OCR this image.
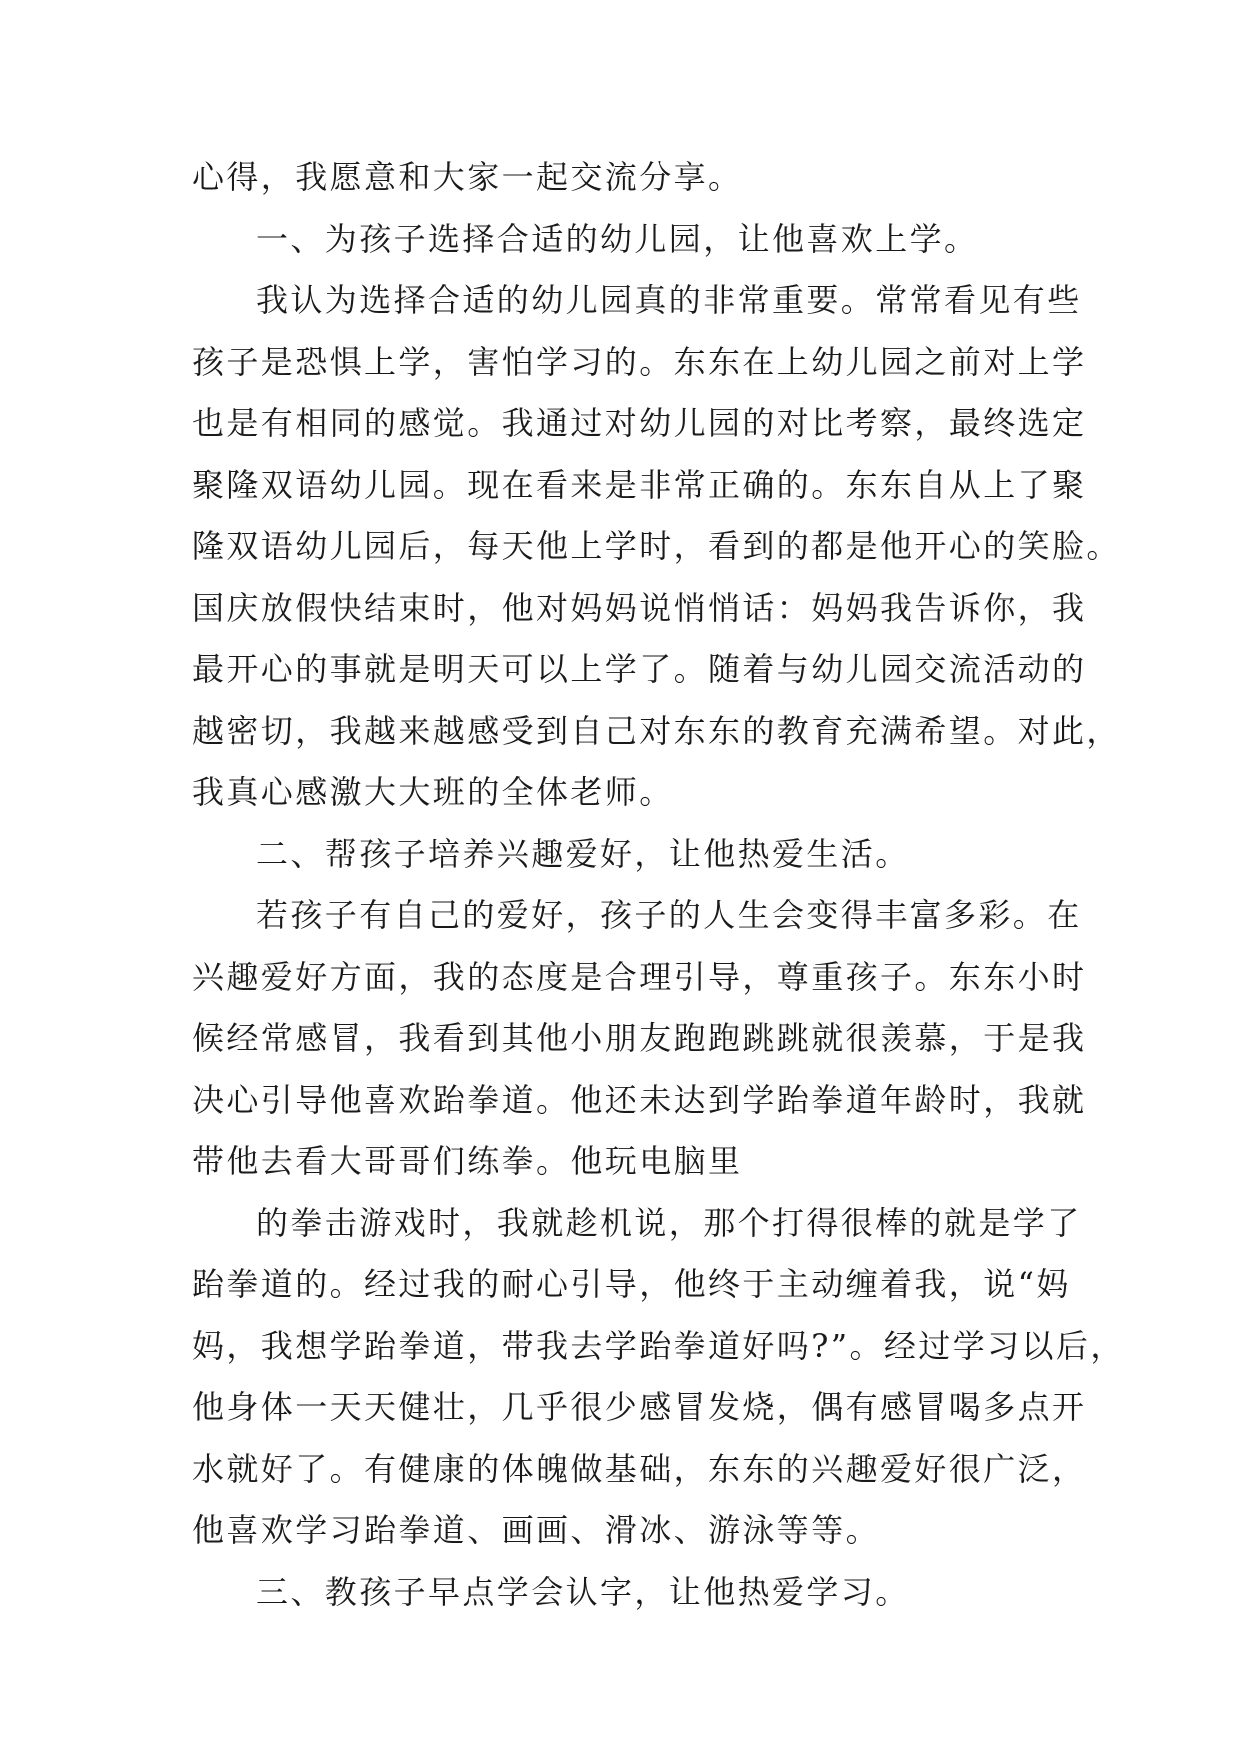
心得，我愿意和大家一起交流分享。
一、为孩子选择合适的幼儿园，让他喜欢上学。
我认为选择合适的幼儿园真的非常重要。常常看见有些
孩子是恐惧上学，害怕学习的。东东在上幼儿园之前对上学
也是有相同的感觉。我通过对幼儿园的对比考察，最终选定
聚隆双语幼儿园。现在看来是非常正确的。东东自从上了聚
隆双语幼儿园后，每天他上学时，看到的都是他开心的笑脸。
国庆放假快结束时，他对妈妈说悄悄话：妈妈我告诉你，我
最开心的事就是明天可以上学了。随着与幼儿园交流活动的
越密切，我越来越感受到自己对东东的教育充满希望。对此，
我真心感激大大班的全体老师。
二、帮孩子培养兴趣爱好，让他热爱生活。
若孩子有自己的爱好，孩子的人生会变得丰富多彩。在
兴趣爱好方面，我的态度是合理引导，尊重孩子。东东小时
候经常感冒，我看到其他小朋友跑跑跳跳就很羡慕，于是我
决心引导他喜欢跆拳道。他还未达到学跆拳道年龄时，我就
带他去看大哥哥们练拳。他玩电脑里
的拳击游戏时，我就趁机说，那个打得很棒的就是学了
跆拳道的。经过我的耐心引导，他终于主动缠着我，说“妈
妈，我想学跆拳道，带我去学跆拳道好吗?”。经过学习以后，
他身体一天天健壮，几乎很少感冒发烧，偶有感冒喝多点开
水就好了。有健康的体魄做基础，东东的兴趣爱好很广泛，
他喜欢学习跆拳道、画画、滑冰、游泳等等。
三、教孩子早点学会认字，让他热爱学习。
